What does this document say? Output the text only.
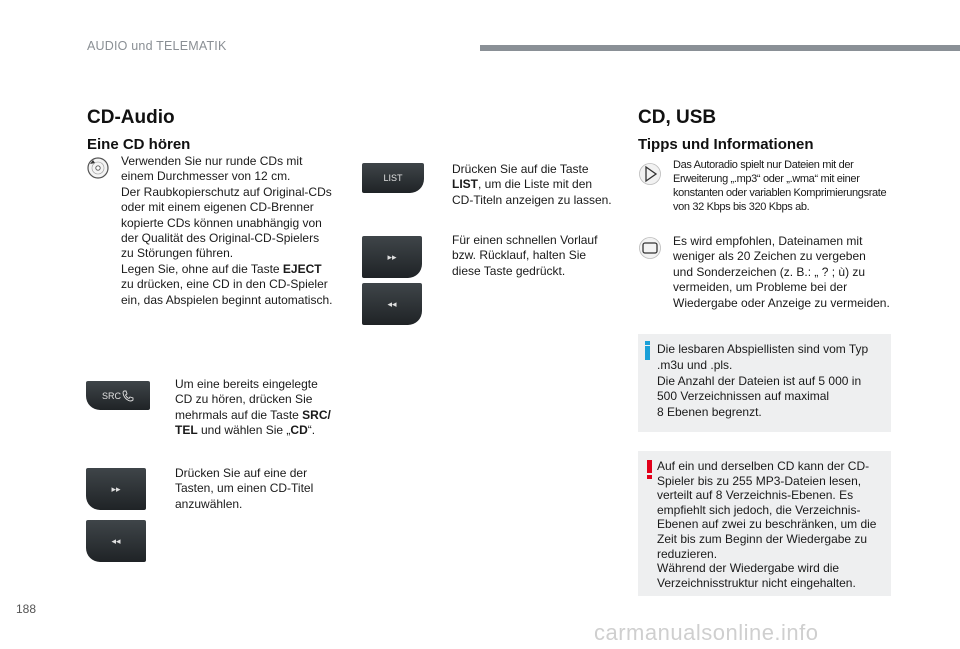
AUDIO und TELEMATIK
CD-Audio
Eine CD hören
Verwenden Sie nur runde CDs mit
einem Durchmesser von 12 cm.
Der Raubkopierschutz auf Original-CDs
oder mit einem eigenen CD-Brenner
kopierte CDs können unabhängig von
der Qualität des Original-CD-Spielers
zu Störungen führen.
Legen Sie, ohne auf die Taste EJECT
zu drücken, eine CD in den CD-Spieler
ein, das Abspielen beginnt automatisch.
SRC
Um eine bereits eingelegte
CD zu hören, drücken Sie
mehrmals auf die Taste SRC/
TEL und wählen Sie „CD“.
▸▸
◂◂
Drücken Sie auf eine der
Tasten, um einen CD-Titel
anzuwählen.
LIST
Drücken Sie auf die Taste
LIST, um die Liste mit den
CD-Titeln anzeigen zu lassen.
▸▸
◂◂
Für einen schnellen Vorlauf
bzw. Rücklauf, halten Sie
diese Taste gedrückt.
CD, USB
Tipps und Informationen
Das Autoradio spielt nur Dateien mit der
Erweiterung „.mp3“ oder „.wma“ mit einer
konstanten oder variablen Komprimierungsrate
von 32 Kbps bis 320 Kbps ab.
Es wird empfohlen, Dateinamen mit
weniger als 20 Zeichen zu vergeben
und Sonderzeichen (z. B.: „ ? ; ù) zu
vermeiden, um Probleme bei der
Wiedergabe oder Anzeige zu vermeiden.
Die lesbaren Abspiellisten sind vom Typ
.m3u und .pls.
Die Anzahl der Dateien ist auf 5 000 in
500 Verzeichnissen auf maximal
8 Ebenen begrenzt.
Auf ein und derselben CD kann der CD-
Spieler bis zu 255 MP3-Dateien lesen,
verteilt auf 8 Verzeichnis-Ebenen. Es
empfiehlt sich jedoch, die Verzeichnis-
Ebenen auf zwei zu beschränken, um die
Zeit bis zum Beginn der Wiedergabe zu
reduzieren.
Während der Wiedergabe wird die
Verzeichnisstruktur nicht eingehalten.
188
carmanualsonline.info
